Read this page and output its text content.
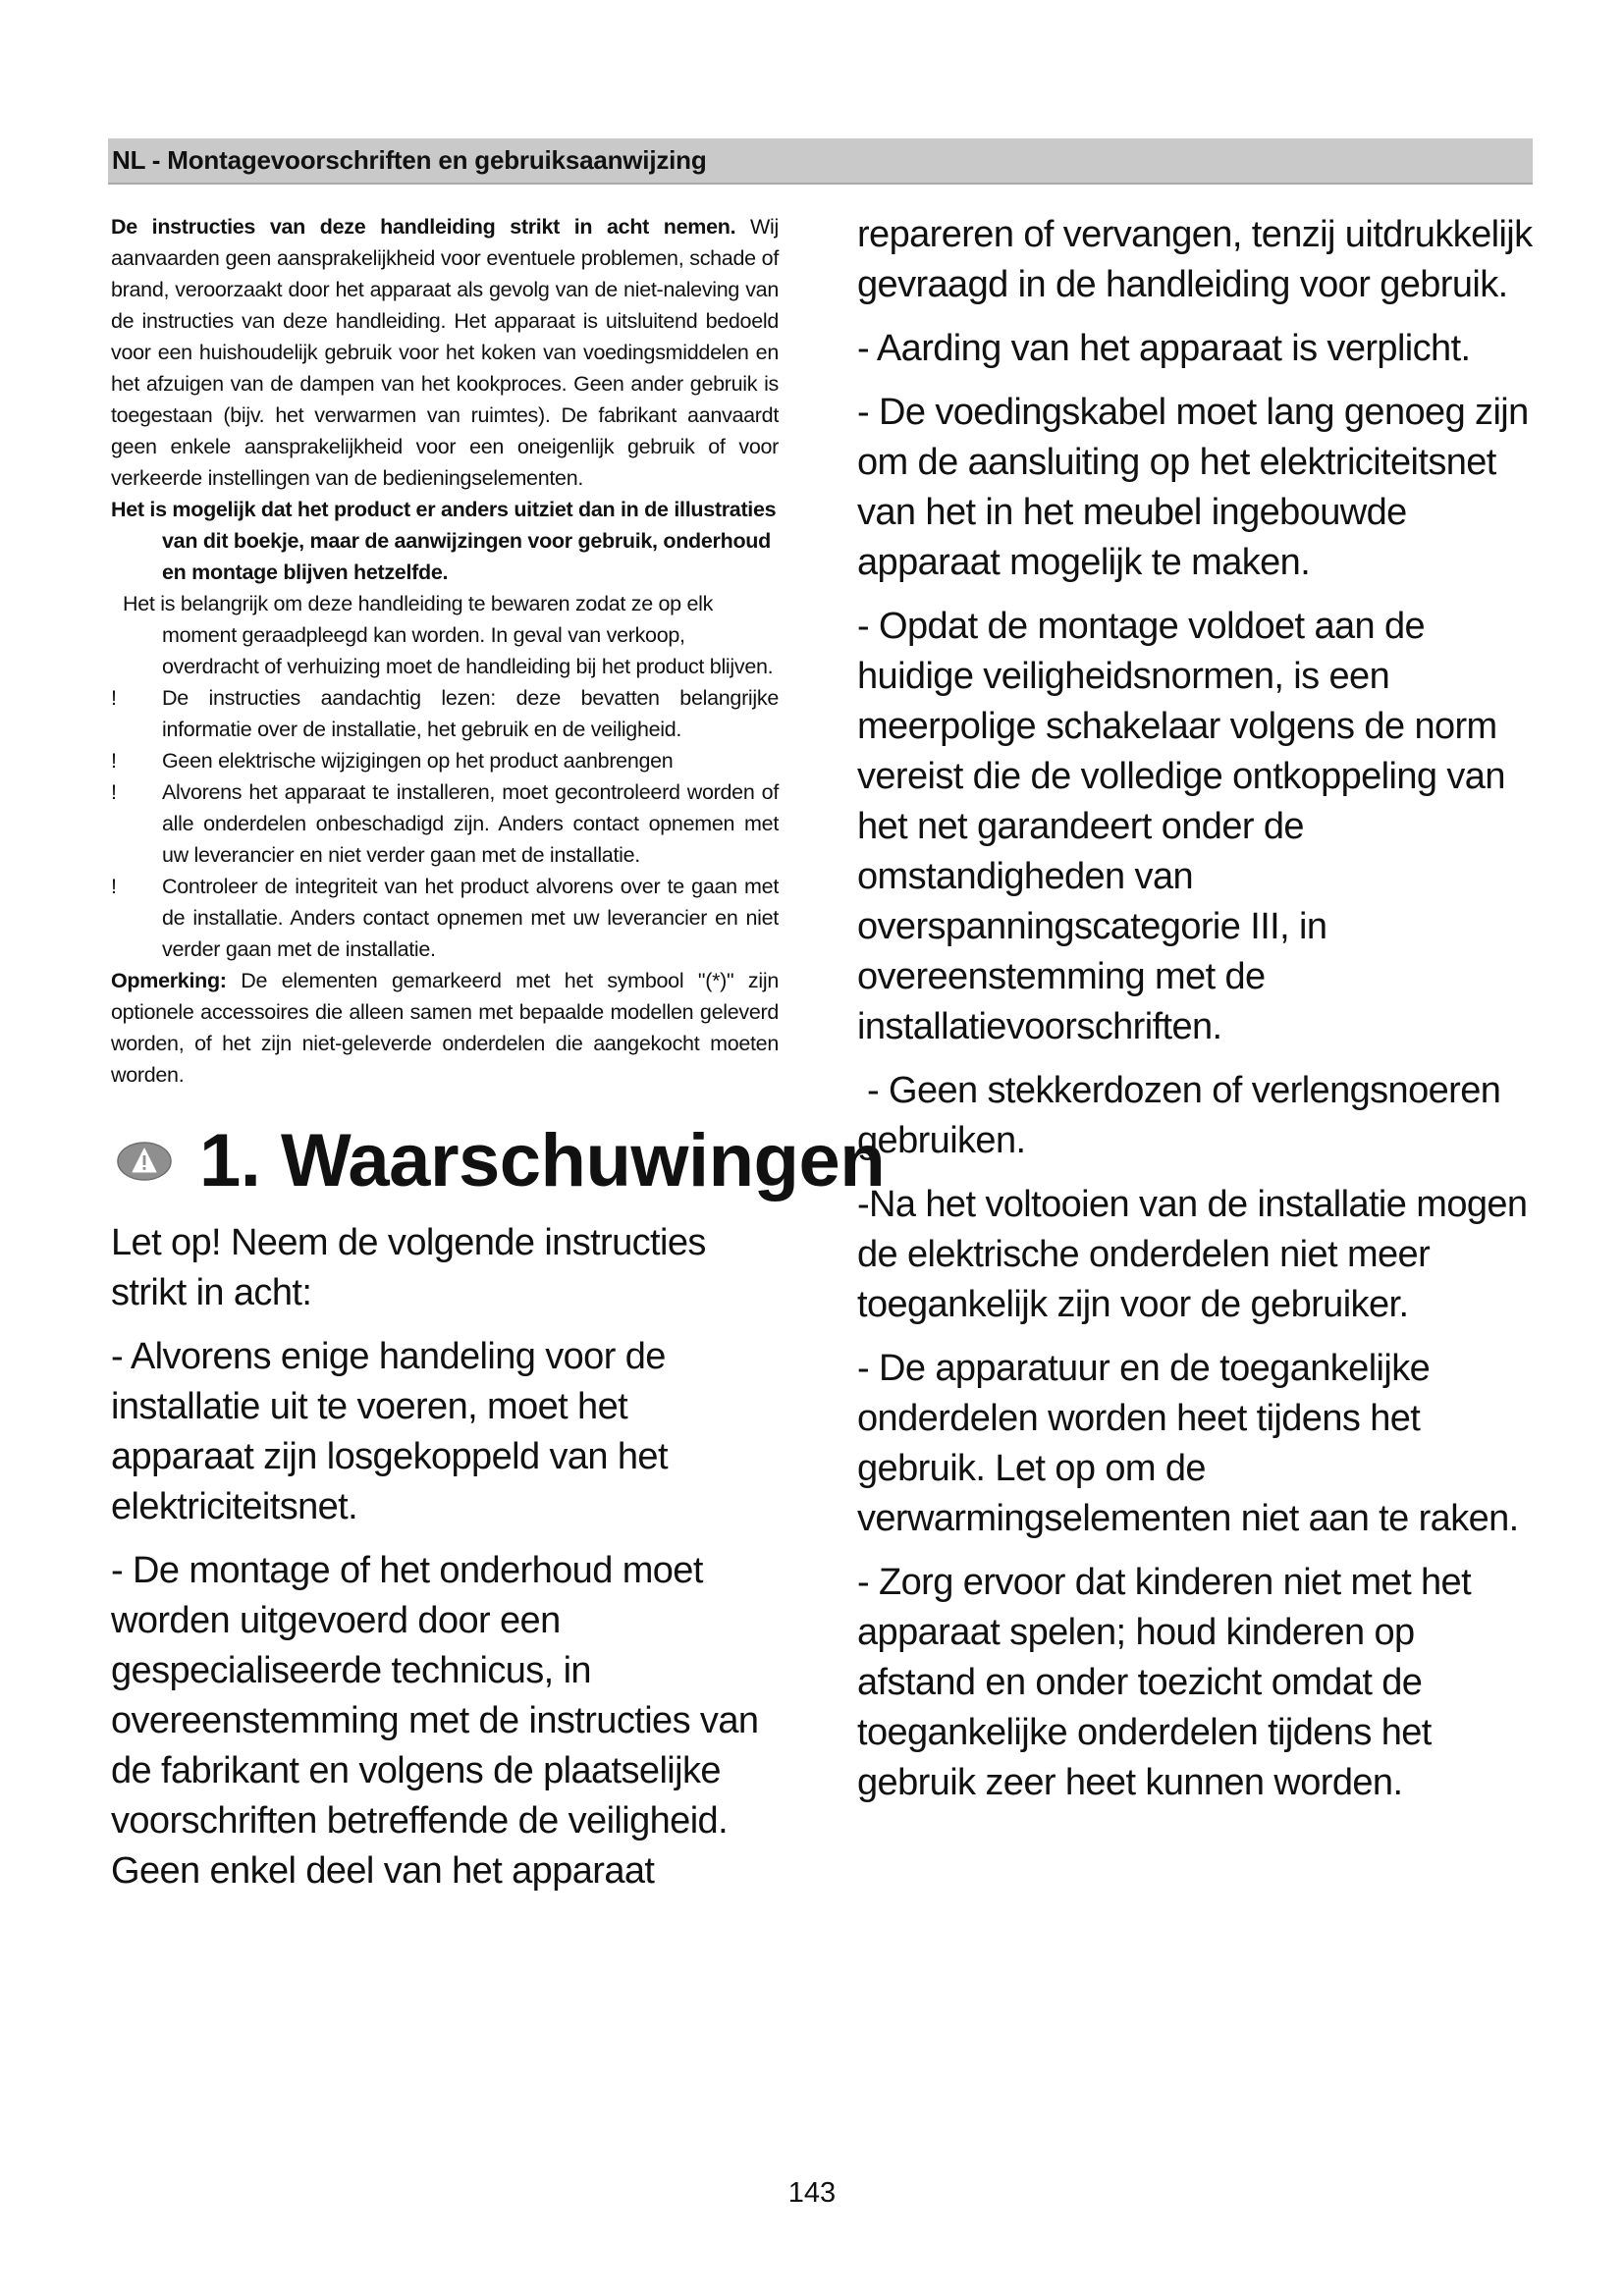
NL - Montagevoorschriften en gebruiksaanwijzing

De instructies van deze handleiding strikt in acht nemen. Wij aanvaarden geen aansprakelijkheid voor eventuele problemen, schade of brand, veroorzaakt door het apparaat als gevolg van de niet-naleving van de instructies van deze handleiding. Het apparaat is uitsluitend bedoeld voor een huishoudelijk gebruik voor het koken van voedingsmiddelen en het afzuigen van de dampen van het kookproces. Geen ander gebruik is toegestaan (bijv. het verwarmen van ruimtes). De fabrikant aanvaardt geen enkele aansprakelijkheid voor een oneigenlijk gebruik of voor verkeerde instellingen van de bedieningselementen.

Het is mogelijk dat het product er anders uitziet dan in de illustraties van dit boekje, maar de aanwijzingen voor gebruik, onderhoud en montage blijven hetzelfde.

Het is belangrijk om deze handleiding te bewaren zodat ze op elk moment geraadpleegd kan worden. In geval van verkoop, overdracht of verhuizing moet de handleiding bij het product blijven.

!	De instructies aandachtig lezen: deze bevatten belangrijke informatie over de installatie, het gebruik en de veiligheid.
!	Geen elektrische wijzigingen op het product aanbrengen
!	Alvorens het apparaat te installeren, moet gecontroleerd worden of alle onderdelen onbeschadigd zijn. Anders contact opnemen met uw leverancier en niet verder gaan met de installatie.
!	Controleer de integriteit van het product alvorens over te gaan met de installatie. Anders contact opnemen met uw leverancier en niet verder gaan met de installatie.

Opmerking: De elementen gemarkeerd met het symbool "(*)" zijn optionele accessoires die alleen samen met bepaalde modellen geleverd worden, of het zijn niet-geleverde onderdelen die aangekocht moeten worden.

1. Waarschuwingen

Let op! Neem de volgende instructies strikt in acht:

- Alvorens enige handeling voor de installatie uit te voeren, moet het apparaat zijn losgekoppeld van het elektriciteitsnet.

- De montage of het onderhoud moet worden uitgevoerd door een gespecialiseerde technicus, in overeenstemming met de instructies van de fabrikant en volgens de plaatselijke voorschriften betreffende de veiligheid. Geen enkel deel van het apparaat

repareren of vervangen, tenzij uitdrukkelijk gevraagd in de handleiding voor gebruik.

- Aarding van het apparaat is verplicht.

- De voedingskabel moet lang genoeg zijn om de aansluiting op het elektriciteitsnet van het in het meubel ingebouwde apparaat mogelijk te maken.

- Opdat de montage voldoet aan de huidige veiligheidsnormen, is een meerpolige schakelaar volgens de norm vereist die de volledige ontkoppeling van het net garandeert onder de omstandigheden van overspanningscategorie III, in overeenstemming met de installatievoorschriften.

- Geen stekkerdozen of verlengsnoeren gebruiken.

-Na het voltooien van de installatie mogen de elektrische onderdelen niet meer toegankelijk zijn voor de gebruiker.

- De apparatuur en de toegankelijke onderdelen worden heet tijdens het gebruik. Let op om de verwarmingselementen niet aan te raken.

- Zorg ervoor dat kinderen niet met het apparaat spelen; houd kinderen op afstand en onder toezicht omdat de toegankelijke onderdelen tijdens het gebruik zeer heet kunnen worden.

143
